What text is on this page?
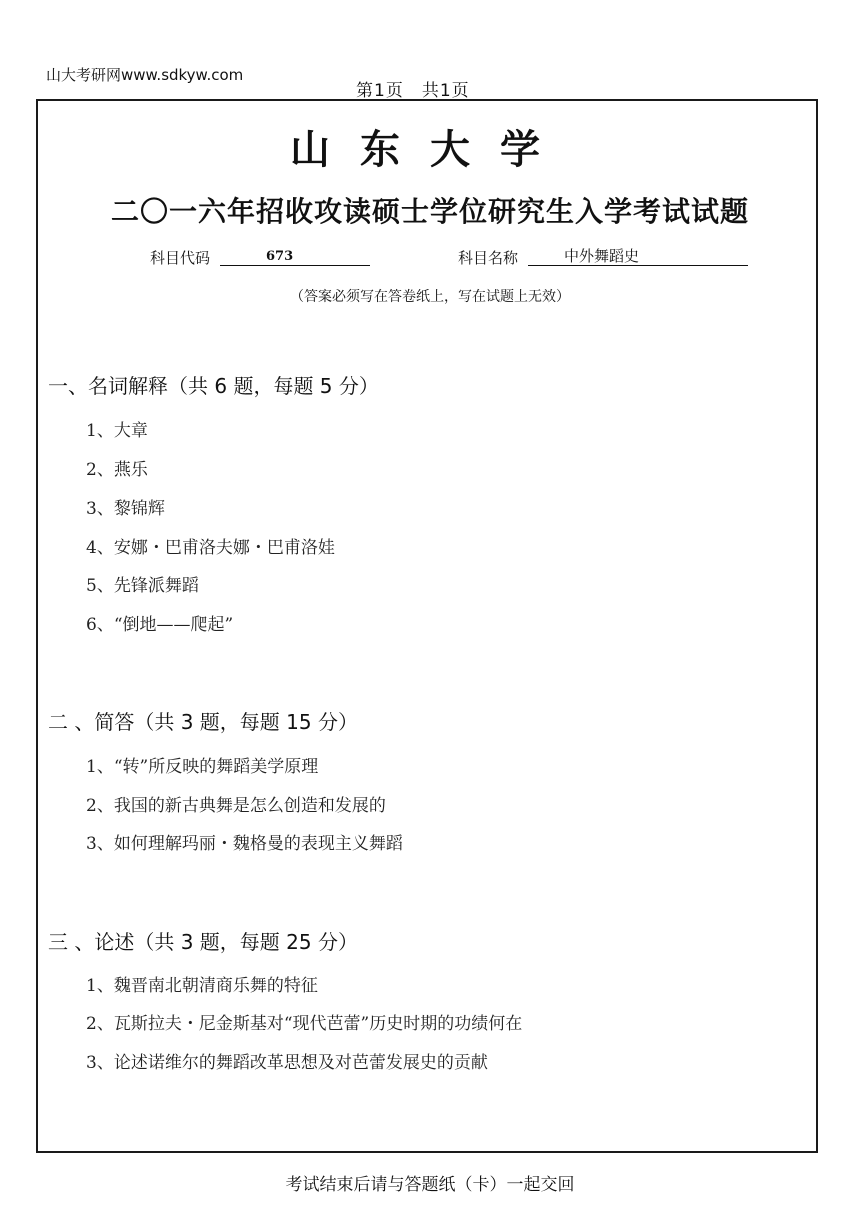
山大考研网www.sdkyw.com
第1页　共1页
山东大学
二〇一六年招收攻读硕士学位研究生入学考试试题
科目代码	673	科目名称	中外舞蹈史
（答案必须写在答卷纸上，写在试题上无效）
一、名词解释（共 6 题，每题 5 分）
1、大章
2、燕乐
3、黎锦辉
4、安娜・巴甫洛夫娜・巴甫洛娃
5、先锋派舞蹈
6、“倒地——爬起”
二 、简答（共 3 题，每题 15 分）
1、“转”所反映的舞蹈美学原理
2、我国的新古典舞是怎么创造和发展的
3、如何理解玛丽・魏格曼的表现主义舞蹈
三 、论述（共 3 题，每题 25 分）
1、魏晋南北朝清商乐舞的特征
2、瓦斯拉夫・尼金斯基对“现代芭蕾”历史时期的功绩何在
3、论述诺维尔的舞蹈改革思想及对芭蕾发展史的贡献
考试结束后请与答题纸（卡）一起交回
